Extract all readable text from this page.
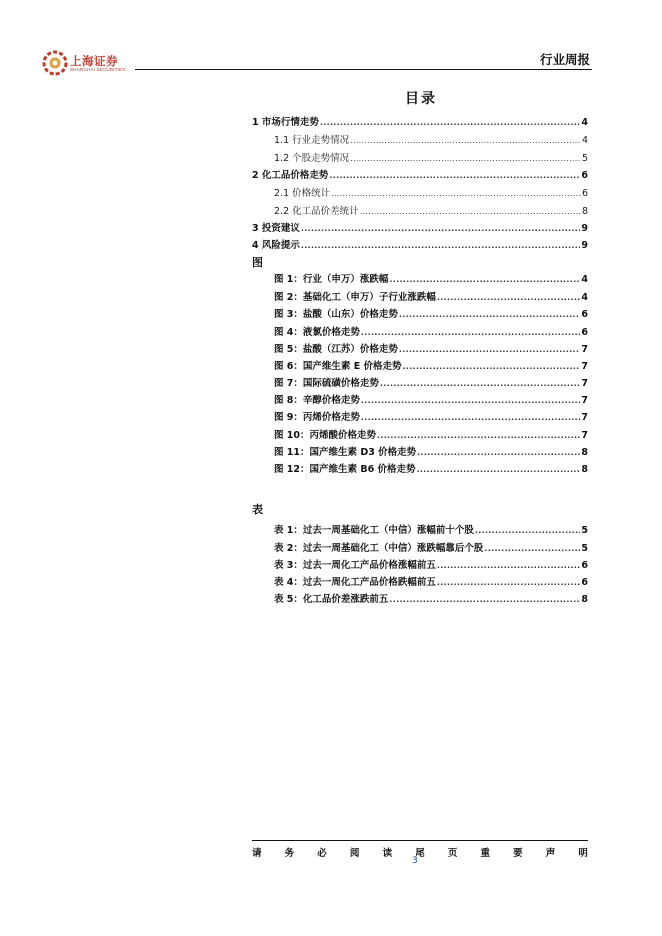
上海证券
SHANGHAI SECURITIES
行业周报
目录
1 市场行情走势 .....	4
1.1 行业走势情况 .....	4
1.2 个股走势情况 .....	5
2 化工品价格走势 .....	6
2.1 价格统计 .....	6
2.2 化工品价差统计 .....	8
3 投资建议 .....	9
4 风险提示 .....	9
图
图 1：行业（申万）涨跌幅 .....	4
图 2：基础化工（申万）子行业涨跌幅 .....	4
图 3：盐酸（山东）价格走势 .....	6
图 4：液氯价格走势 .....	6
图 5：盐酸（江苏）价格走势 .....	7
图 6：国产维生素 E 价格走势 .....	7
图 7：国际硫磺价格走势 .....	7
图 8：辛醇价格走势 .....	7
图 9：丙烯价格走势 .....	7
图 10：丙烯酸价格走势 .....	7
图 11：国产维生素 D3 价格走势 .....	8
图 12：国产维生素 B6 价格走势 .....	8
表
表 1：过去一周基础化工（中信）涨幅前十个股 .....	5
表 2：过去一周基础化工（中信）涨跌幅靠后个股 .....	5
表 3：过去一周化工产品价格涨幅前五 .....	6
表 4：过去一周化工产品价格跌幅前五 .....	6
表 5：化工品价差涨跌前五 .....	8
请 务 必 阅 读 尾 页 重 要 声 明
3
